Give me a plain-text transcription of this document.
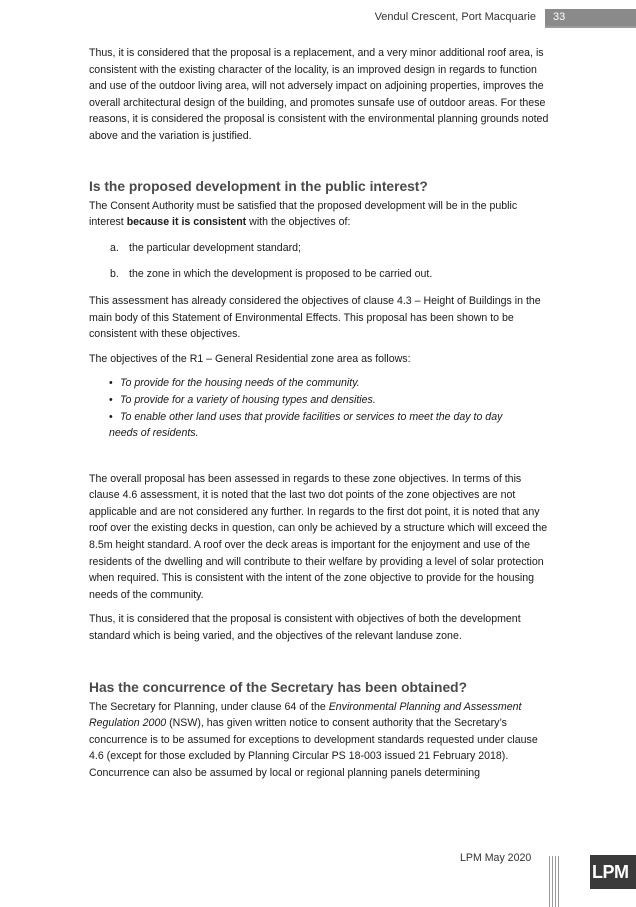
Vendul Crescent, Port Macquarie	33

Thus, it is considered that the proposal is a replacement, and a very minor additional roof area, is consistent with the existing character of the locality, is an improved design in regards to function and use of the outdoor living area, will not adversely impact on adjoining properties, improves the overall architectural design of the building, and promotes sunsafe use of outdoor areas. For these reasons, it is considered the proposal is consistent with the environmental planning grounds noted above and the variation is justified.

Is the proposed development in the public interest?

The Consent Authority must be satisfied that the proposed development will be in the public interest because it is consistent with the objectives of:

a. the particular development standard;
b. the zone in which the development is proposed to be carried out.

This assessment has already considered the objectives of clause 4.3 – Height of Buildings in the main body of this Statement of Environmental Effects. This proposal has been shown to be consistent with these objectives.

The objectives of the R1 – General Residential zone area as follows:

• To provide for the housing needs of the community.
• To provide for a variety of housing types and densities.
• To enable other land uses that provide facilities or services to meet the day to day
needs of residents.

The overall proposal has been assessed in regards to these zone objectives. In terms of this clause 4.6 assessment, it is noted that the last two dot points of the zone objectives are not applicable and are not considered any further. In regards to the first dot point, it is noted that any roof over the existing decks in question, can only be achieved by a structure which will exceed the 8.5m height standard. A roof over the deck areas is important for the enjoyment and use of the residents of the dwelling and will contribute to their welfare by providing a level of solar protection when required. This is consistent with the intent of the zone objective to provide for the housing needs of the community.

Thus, it is considered that the proposal is consistent with objectives of both the development standard which is being varied, and the objectives of the relevant landuse zone.

Has the concurrence of the Secretary has been obtained?

The Secretary for Planning, under clause 64 of the Environmental Planning and Assessment Regulation 2000 (NSW), has given written notice to consent authority that the Secretary’s concurrence is to be assumed for exceptions to development standards requested under clause 4.6 (except for those excluded by Planning Circular PS 18-003 issued 21 February 2018). Concurrence can also be assumed by local or regional planning panels determining

LPM May 2020
LPM
